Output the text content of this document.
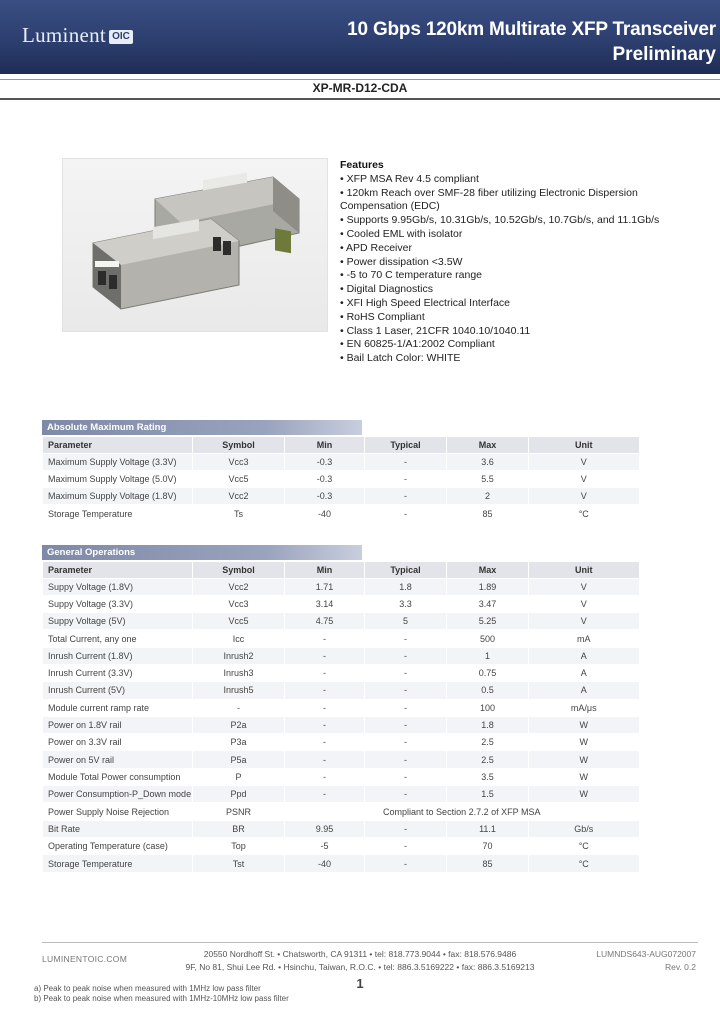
Luminent OIC	10 Gbps 120km Multirate XFP Transceiver
Preliminary
XP-MR-D12-CDA
Features
• XFP MSA Rev 4.5 compliant
• 120km Reach over SMF-28 fiber utilizing Electronic Dispersion
Compensation (EDC)
• Supports 9.95Gb/s, 10.31Gb/s, 10.52Gb/s, 10.7Gb/s, and 11.1Gb/s
• Cooled EML with isolator
• APD Receiver
• Power dissipation <3.5W
• -5 to 70 C temperature range
• Digital Diagnostics
• XFI High Speed Electrical Interface
• RoHS Compliant
• Class 1 Laser, 21CFR 1040.10/1040.11
• EN 60825-1/A1:2002 Compliant
• Bail Latch Color: WHITE
Absolute Maximum Rating
Parameter	Symbol	Min	Typical	Max	Unit
Maximum Supply Voltage (3.3V)	Vcc3	-0.3	-	3.6	V
Maximum Supply Voltage (5.0V)	Vcc5	-0.3	-	5.5	V
Maximum Supply Voltage (1.8V)	Vcc2	-0.3	-	2	V
Storage Temperature	Ts	-40	-	85	°C
General Operations
Parameter	Symbol	Min	Typical	Max	Unit
Suppy Voltage (1.8V)	Vcc2	1.71	1.8	1.89	V
Suppy Voltage (3.3V)	Vcc3	3.14	3.3	3.47	V
Suppy Voltage (5V)	Vcc5	4.75	5	5.25	V
Total Current, any one	Icc	-	-	500	mA
Inrush Current (1.8V)	Inrush2	-	-	1	A
Inrush Current (3.3V)	Inrush3	-	-	0.75	A
Inrush Current (5V)	Inrush5	-	-	0.5	A
Module current ramp rate	-	-	-	100	mA/μs
Power on 1.8V rail	P2a	-	-	1.8	W
Power on 3.3V rail	P3a	-	-	2.5	W
Power on 5V rail	P5a	-	-	2.5	W
Module Total Power consumption	P	-	-	3.5	W
Power Consumption-P_Down mode	Ppd	-	-	1.5	W
Power Supply Noise Rejection	PSNR	Compliant to Section 2.7.2 of XFP MSA			
Bit Rate	BR	9.95	-	11.1	Gb/s
Operating Temperature (case)	Top	-5	-	70	°C
Storage Temperature	Tst	-40	-	85	°C
LUMINENTOIC.COM	20550 Nordhoff St. • Chatsworth, CA 91311 • tel: 818.773.9044 • fax: 818.576.9486
9F, No 81, Shui Lee Rd. • Hsinchu, Taiwan, R.O.C. • tel: 886.3.5169222 • fax: 886.3.5169213
LUMNDS643-AUG072007
Rev. 0.2
1
a) Peak to peak noise when measured with 1MHz low pass filter
b) Peak to peak noise when measured with 1MHz-10MHz low pass filter
